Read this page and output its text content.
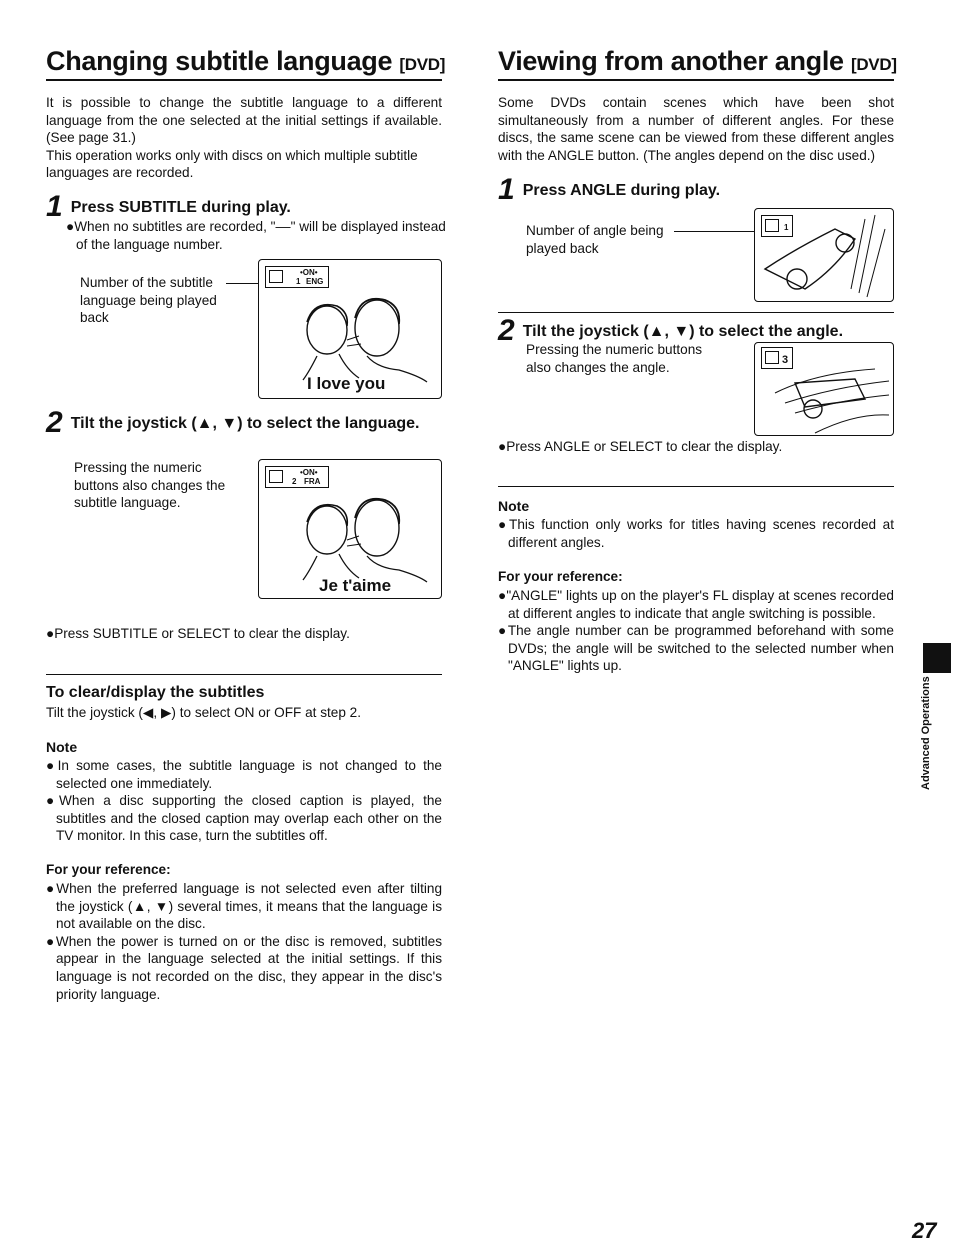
Changing subtitle language [DVD]

It is possible to change the subtitle language to a different language from the one selected at the initial settings if available. (See page 31.)

This operation works only with discs on which multiple subtitle languages are recorded.

1 Press SUBTITLE during play.
●When no subtitles are recorded, "––" will be displayed instead of the language number.
Number of the subtitle language being played back
•ON•
1 ENG
I love you
2 Tilt the joystick (▲, ▼) to select the language.
Pressing the numeric buttons also changes the subtitle language.
•ON•
2 FRA
Je t'aime
●Press SUBTITLE or SELECT to clear the display.
To clear/display the subtitles
Tilt the joystick (◀, ▶) to select ON or OFF at step 2.
Note

●In some cases, the subtitle language is not changed to the selected one immediately.

●When a disc supporting the closed caption is played, the subtitles and the closed caption may overlap each other on the TV monitor. In this case, turn the subtitles off.

For your reference:

●When the preferred language is not selected even after tilting the joystick (▲, ▼) several times, it means that the language is not available on the disc.

●When the power is turned on or the disc is removed, subtitles appear in the language selected at the initial settings. If this language is not recorded on the disc, they appear in the disc's priority language.

Viewing from another angle [DVD]
Some DVDs contain scenes which have been shot simultaneously from a number of different angles. For these discs, the same scene can be viewed from these different angles with the ANGLE button. (The angles depend on the disc used.)
1 Press ANGLE during play.
Number of angle being played back
1
2 Tilt the joystick (▲, ▼) to select the angle.
Pressing the numeric buttons also changes the angle.	3
●Press ANGLE or SELECT to clear the display.
Note

●This function only works for titles having scenes recorded at different angles.

For your reference:

●"ANGLE" lights up on the player's FL display at scenes recorded at different angles to indicate that angle switching is possible.

●The angle number can be programmed beforehand with some DVDs; the angle will be switched to the selected number when "ANGLE" lights up.

Advanced Operations
27
